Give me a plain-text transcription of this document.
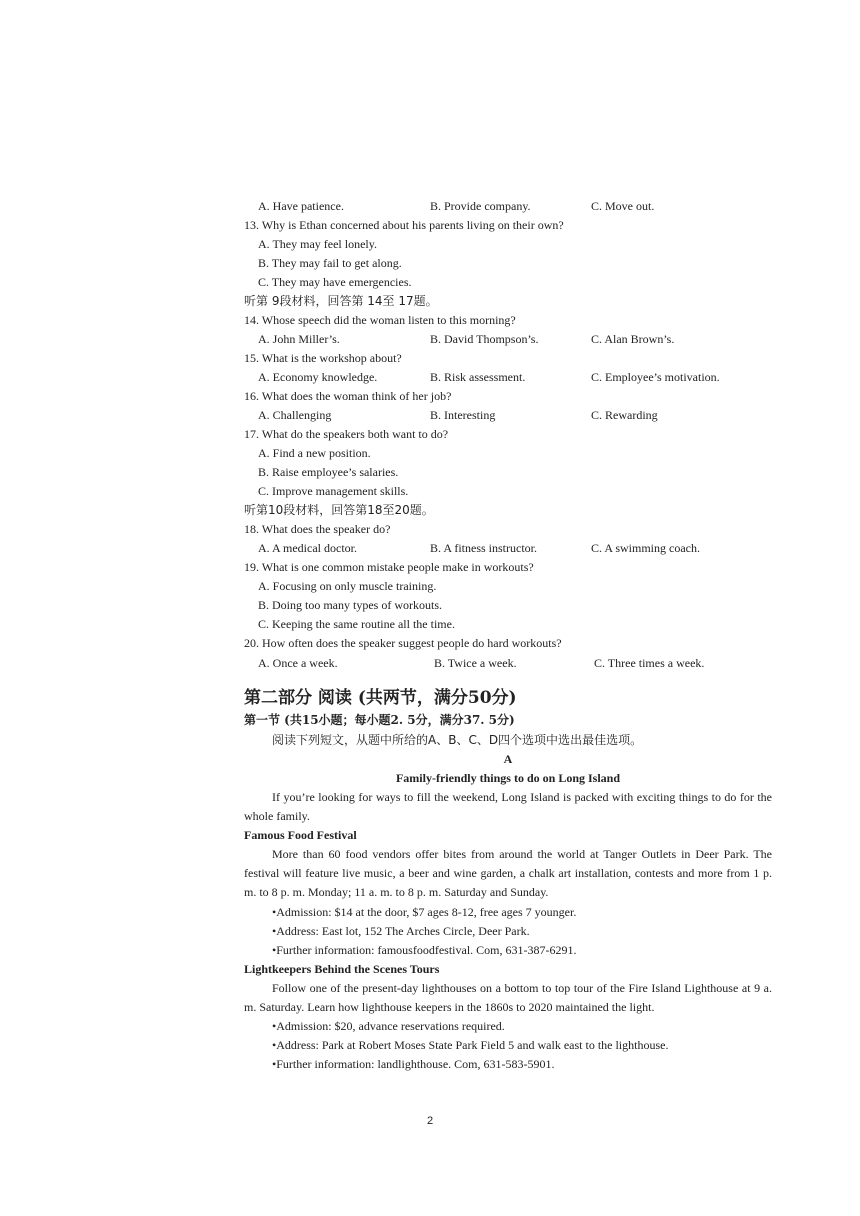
A. Have patience.	B. Provide company.	C. Move out.
13. Why is Ethan concerned about his parents living on their own?
A. They may feel lonely.
B. They may fail to get along.
C. They may have emergencies.
听第 9段材料，回答第 14至 17题。
14. Whose speech did the woman listen to this morning?
A. John Miller’s.	B. David Thompson’s.	C. Alan Brown’s.
15. What is the workshop about?
A. Economy knowledge.	B. Risk assessment.	C. Employee’s motivation.
16. What does the woman think of her job?
A. Challenging	B. Interesting	C. Rewarding
17. What do the speakers both want to do?
A. Find a new position.
B. Raise employee’s salaries.
C. Improve management skills.
听第10段材料，回答第18至20题。
18. What does the speaker do?
A. A medical doctor.	B. A fitness instructor.	C. A swimming coach.
19. What is one common mistake people make in workouts?
A. Focusing on only muscle training.
B. Doing too many types of workouts.
C. Keeping the same routine all the time.
20. How often does the speaker suggest people do hard workouts?
A. Once a week.	B. Twice a week.	C. Three times a week.
第二部分 阅读 (共两节，满分50分)
第一节 (共15小题；每小题2. 5分，满分37. 5分)
阅读下列短文，从题中所给的A、B、C、D四个选项中选出最佳选项。
A
Family-friendly things to do on Long Island
If you’re looking for ways to fill the weekend, Long Island is packed with exciting things to do for the whole family.
Famous Food Festival
More than 60 food vendors offer bites from around the world at Tanger Outlets in Deer Park. The festival will feature live music, a beer and wine garden, a chalk art installation, contests and more from 1 p. m. to 8 p. m. Monday; 11 a. m. to 8 p. m. Saturday and Sunday.
•Admission: $14 at the door, $7 ages 8-12, free ages 7 younger.
•Address: East lot, 152 The Arches Circle, Deer Park.
•Further information: famousfoodfestival. Com, 631-387-6291.
Lightkeepers Behind the Scenes Tours
Follow one of the present-day lighthouses on a bottom to top tour of the Fire Island Lighthouse at 9 a. m. Saturday. Learn how lighthouse keepers in the 1860s to 2020 maintained the light.
•Admission: $20, advance reservations required.
•Address: Park at Robert Moses State Park Field 5 and walk east to the lighthouse.
•Further information: landlighthouse. Com, 631-583-5901.
2
